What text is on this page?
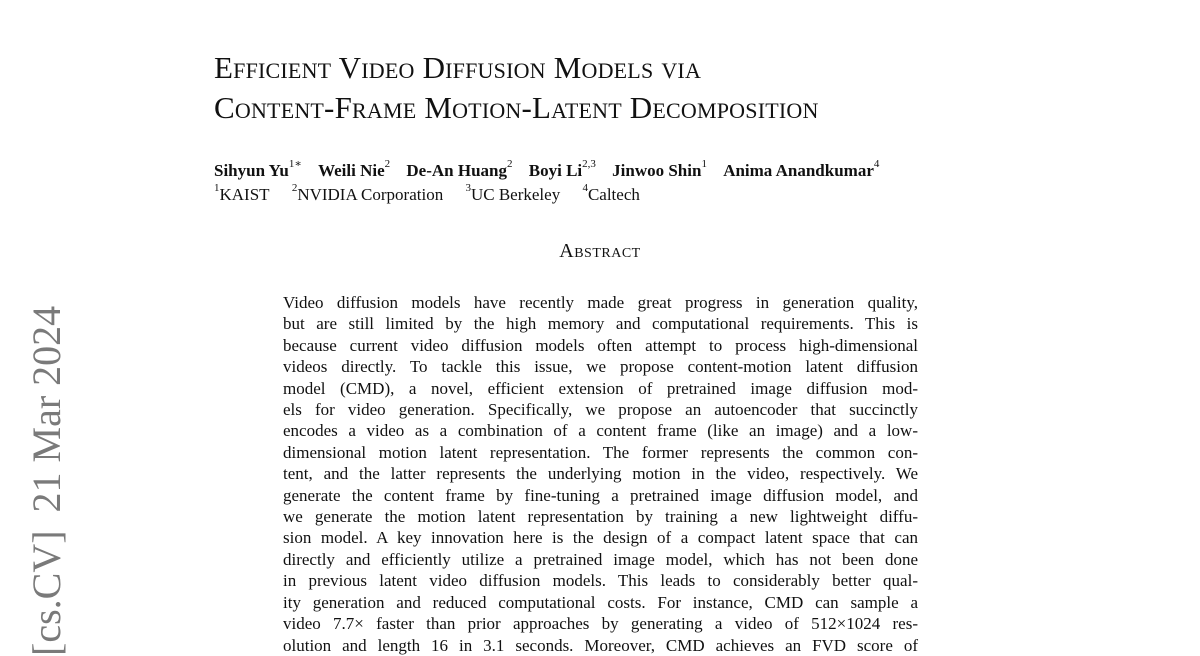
[cs.CV]21 Mar 2024
Efficient Video Diffusion Models via
Content-Frame Motion-Latent Decomposition
Sihyun $Yu^{1∗}$ Weili Nie$^2$ De-An Huang$^2$ Boyi Li$^{2,3}$ Jinwoo Shin$^1$ Anima Anandkumar$^4$
$^1$KAIST $^2$NVIDIA Corporation $^3$UC Berkeley $^4$Caltech
Abstract
Video diffusion models have recently made great progress in generation quality,
but are still limited by the high memory and computational requirements. This is
because current video diffusion models often attempt to process high-dimensional
videos directly. To tackle this issue, we propose content-motion latent diffusion
model (CMD), a novel, efficient extension of pretrained image diffusion mod-
els for video generation. Specifically, we propose an autoencoder that succinctly
encodes a video as a combination of a content frame (like an image) and a low-
dimensional motion latent representation. The former represents the common con-
tent, and the latter represents the underlying motion in the video, respectively. We
generate the content frame by fine-tuning a pretrained image diffusion model, and
we generate the motion latent representation by training a new lightweight diffu-
sion model. A key innovation here is the design of a compact latent space that can
directly and efficiently utilize a pretrained image model, which has not been done
in previous latent video diffusion models. This leads to considerably better qual-
ity generation and reduced computational costs. For instance, CMD can sample a
video 7.7× faster than prior approaches by generating a video of 512×1024 res-
olution and length 16 in 3.1 seconds. Moreover, CMD achieves an FVD score of
